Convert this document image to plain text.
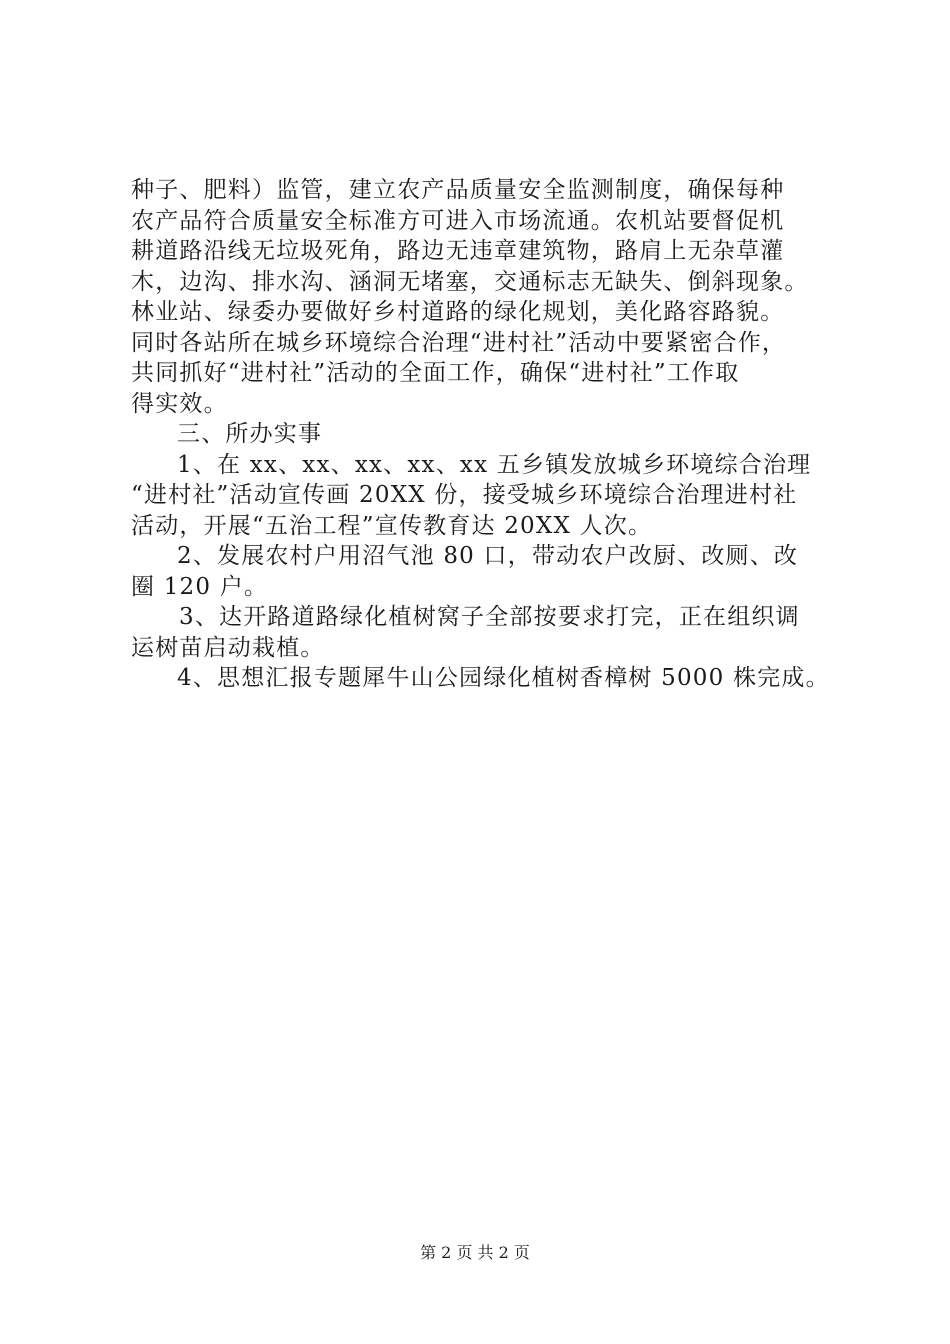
种子、肥料）监管，建立农产品质量安全监测制度，确保每种

农产品符合质量安全标准方可进入市场流通。农机站要督促机

耕道路沿线无垃圾死角，路边无违章建筑物，路肩上无杂草灌

木，边沟、排水沟、涵洞无堵塞，交通标志无缺失、倒斜现象。

林业站、绿委办要做好乡村道路的绿化规划，美化路容路貌。

同时各站所在城乡环境综合治理“进村社”活动中要紧密合作，

共同抓好“进村社”活动的全面工作，确保“进村社”工作取

得实效。

三、所办实事

1、在 xx、xx、xx、xx、xx 五乡镇发放城乡环境综合治理

“进村社”活动宣传画 20XX 份，接受城乡环境综合治理进村社

活动，开展“五治工程”宣传教育达 20XX 人次。

2、发展农村户用沼气池 80 口，带动农户改厨、改厕、改

圈 120 户。

3、达开路道路绿化植树窝子全部按要求打完，正在组织调

运树苗启动栽植。

4、思想汇报专题犀牛山公园绿化植树香樟树 5000 株完成。

第 2 页 共 2 页
